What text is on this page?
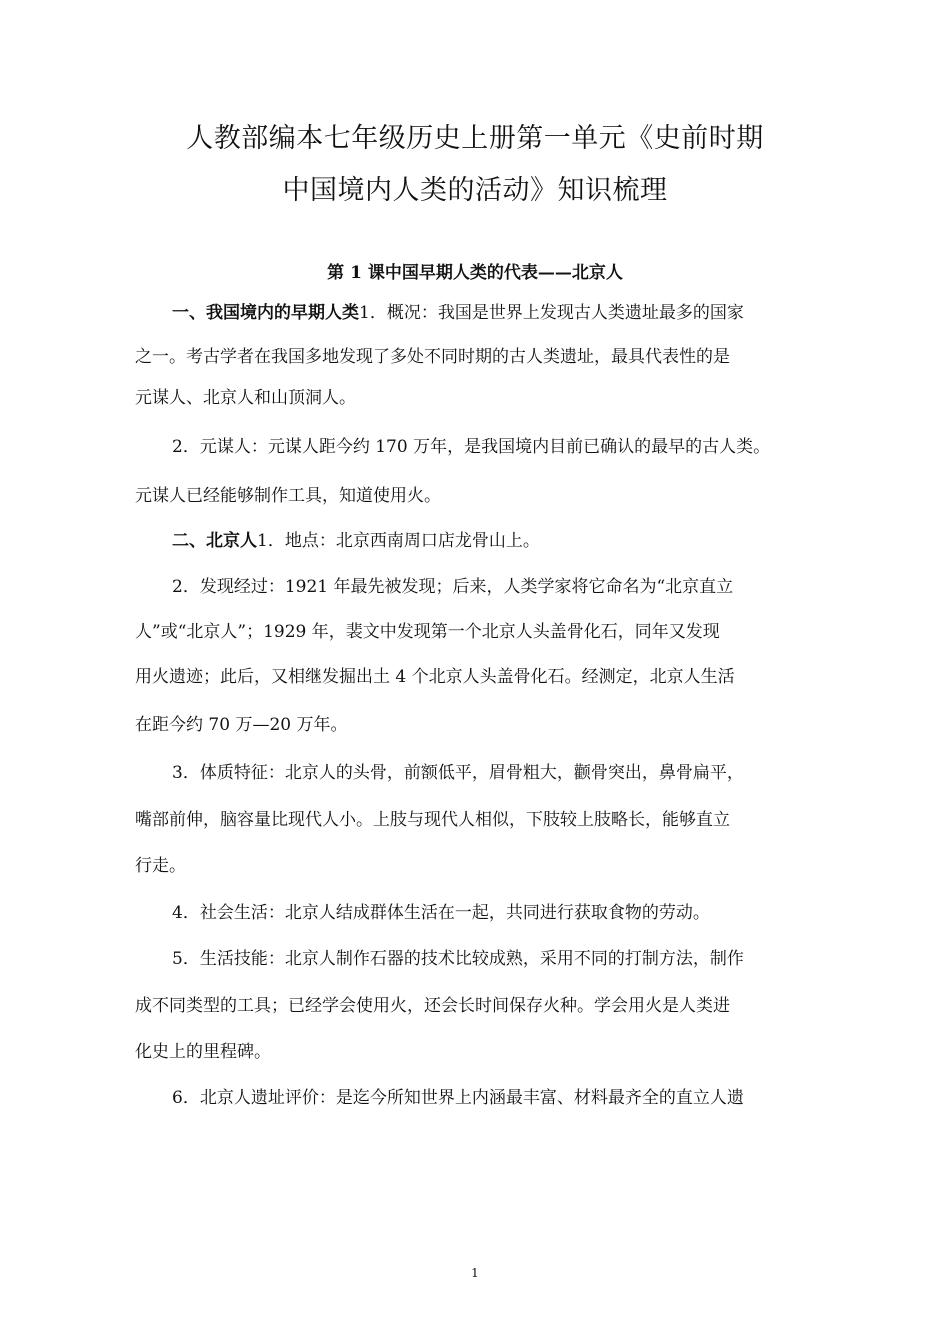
人教部编本七年级历史上册第一单元《史前时期
中国境内人类的活动》知识梳理
第 1 课中国早期人类的代表——北京人
一、我国境内的早期人类1．概况：我国是世界上发现古人类遗址最多的国家
之一。考古学者在我国多地发现了多处不同时期的古人类遗址，最具代表性的是
元谋人、北京人和山顶洞人。
2．元谋人：元谋人距今约 170 万年，是我国境内目前已确认的最早的古人类。
元谋人已经能够制作工具，知道使用火。
二、北京人1．地点：北京西南周口店龙骨山上。
2．发现经过：1921 年最先被发现；后来，人类学家将它命名为“北京直立
人”或“北京人”；1929 年，裴文中发现第一个北京人头盖骨化石，同年又发现
用火遗迹；此后，又相继发掘出土 4 个北京人头盖骨化石。经测定，北京人生活
在距今约 70 万—20 万年。
3．体质特征：北京人的头骨，前额低平，眉骨粗大，颧骨突出，鼻骨扁平，
嘴部前伸，脑容量比现代人小。上肢与现代人相似，下肢较上肢略长，能够直立
行走。
4．社会生活：北京人结成群体生活在一起，共同进行获取食物的劳动。
5．生活技能：北京人制作石器的技术比较成熟，采用不同的打制方法，制作
成不同类型的工具；已经学会使用火，还会长时间保存火种。学会用火是人类进
化史上的里程碑。
6．北京人遗址评价：是迄今所知世界上内涵最丰富、材料最齐全的直立人遗
1
